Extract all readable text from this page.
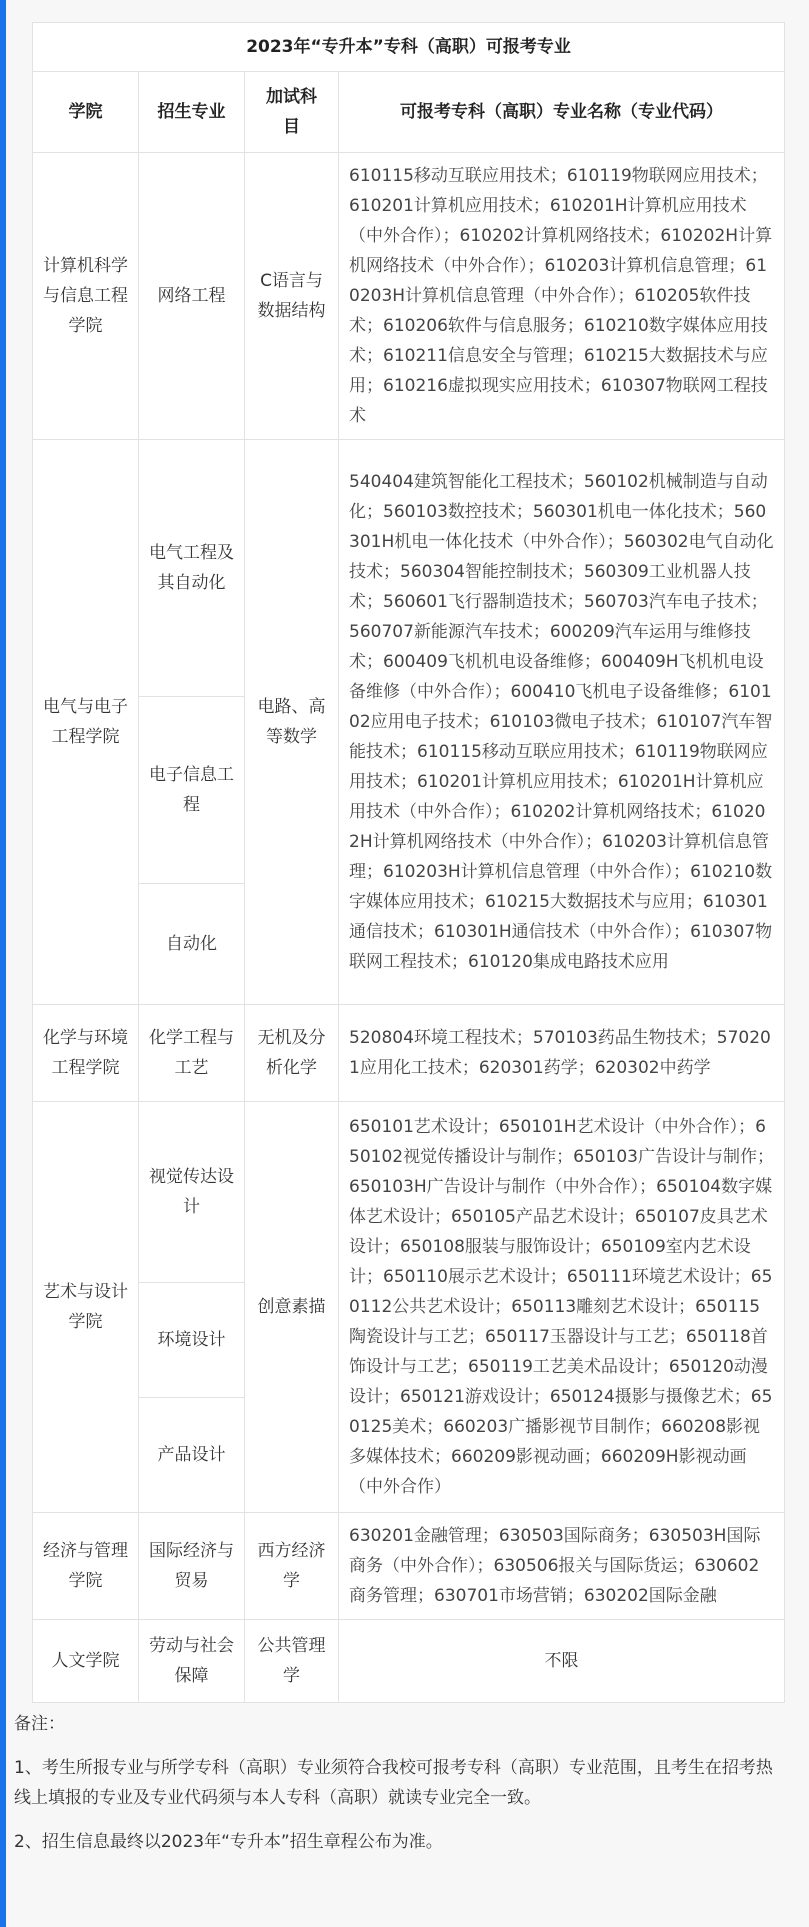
2023年“专升本”专科（高职）可报考专业			
学院	招生专业	加试科目	可报考专科（高职）专业名称（专业代码）
计算机科学与信息工程学院	网络工程	C语言与数据结构	610115移动互联应用技术；610119物联网应用技术；610201计算机应用技术；610201H计算机应用技术（中外合作）；610202计算机网络技术；610202H计算机网络技术（中外合作）；610203计算机信息管理；610203H计算机信息管理（中外合作）；610205软件技术；610206软件与信息服务；610210数字媒体应用技术；610211信息安全与管理；610215大数据技术与应用；610216虚拟现实应用技术；610307物联网工程技术
电气与电子工程学院	电气工程及其自动化	电路、高等数学	540404建筑智能化工程技术；560102机械制造与自动化；560103数控技术；560301机电一体化技术；560301H机电一体化技术（中外合作）；560302电气自动化技术；560304智能控制技术；560309工业机器人技术；560601飞行器制造技术；560703汽车电子技术；560707新能源汽车技术；600209汽车运用与维修技术；600409飞机机电设备维修；600409H飞机机电设备维修（中外合作）；600410飞机电子设备维修；610102应用电子技术；610103微电子技术；610107汽车智能技术；610115移动互联应用技术；610119物联网应用技术；610201计算机应用技术；610201H计算机应用技术（中外合作）；610202计算机网络技术；610202H计算机网络技术（中外合作）；610203计算机信息管理；610203H计算机信息管理（中外合作）；610210数字媒体应用技术；610215大数据技术与应用；610301通信技术；610301H通信技术（中外合作）；610307物联网工程技术；610120集成电路技术应用
	电子信息工程		
	自动化		
化学与环境工程学院	化学工程与工艺	无机及分析化学	520804环境工程技术；570103药品生物技术；570201应用化工技术；620301药学；620302中药学
艺术与设计学院	视觉传达设计	创意素描	650101艺术设计；650101H艺术设计（中外合作）；650102视觉传播设计与制作；650103广告设计与制作；650103H广告设计与制作（中外合作）；650104数字媒体艺术设计；650105产品艺术设计；650107皮具艺术设计；650108服装与服饰设计；650109室内艺术设计；650110展示艺术设计；650111环境艺术设计；650112公共艺术设计；650113雕刻艺术设计；650115陶瓷设计与工艺；650117玉器设计与工艺；650118首饰设计与工艺；650119工艺美术品设计；650120动漫设计；650121游戏设计；650124摄影与摄像艺术；650125美术；660203广播影视节目制作；660208影视多媒体技术；660209影视动画；660209H影视动画（中外合作）
	环境设计		
	产品设计		
经济与管理学院	国际经济与贸易	西方经济学	630201金融管理；630503国际商务；630503H国际商务（中外合作）；630506报关与国际货运；630602商务管理；630701市场营销；630202国际金融
人文学院	劳动与社会保障	公共管理学	不限

备注：

1、考生所报专业与所学专科（高职）专业须符合我校可报考专科（高职）专业范围，且考生在招考热线上填报的专业及专业代码须与本人专科（高职）就读专业完全一致。

2、招生信息最终以2023年“专升本”招生章程公布为准。
